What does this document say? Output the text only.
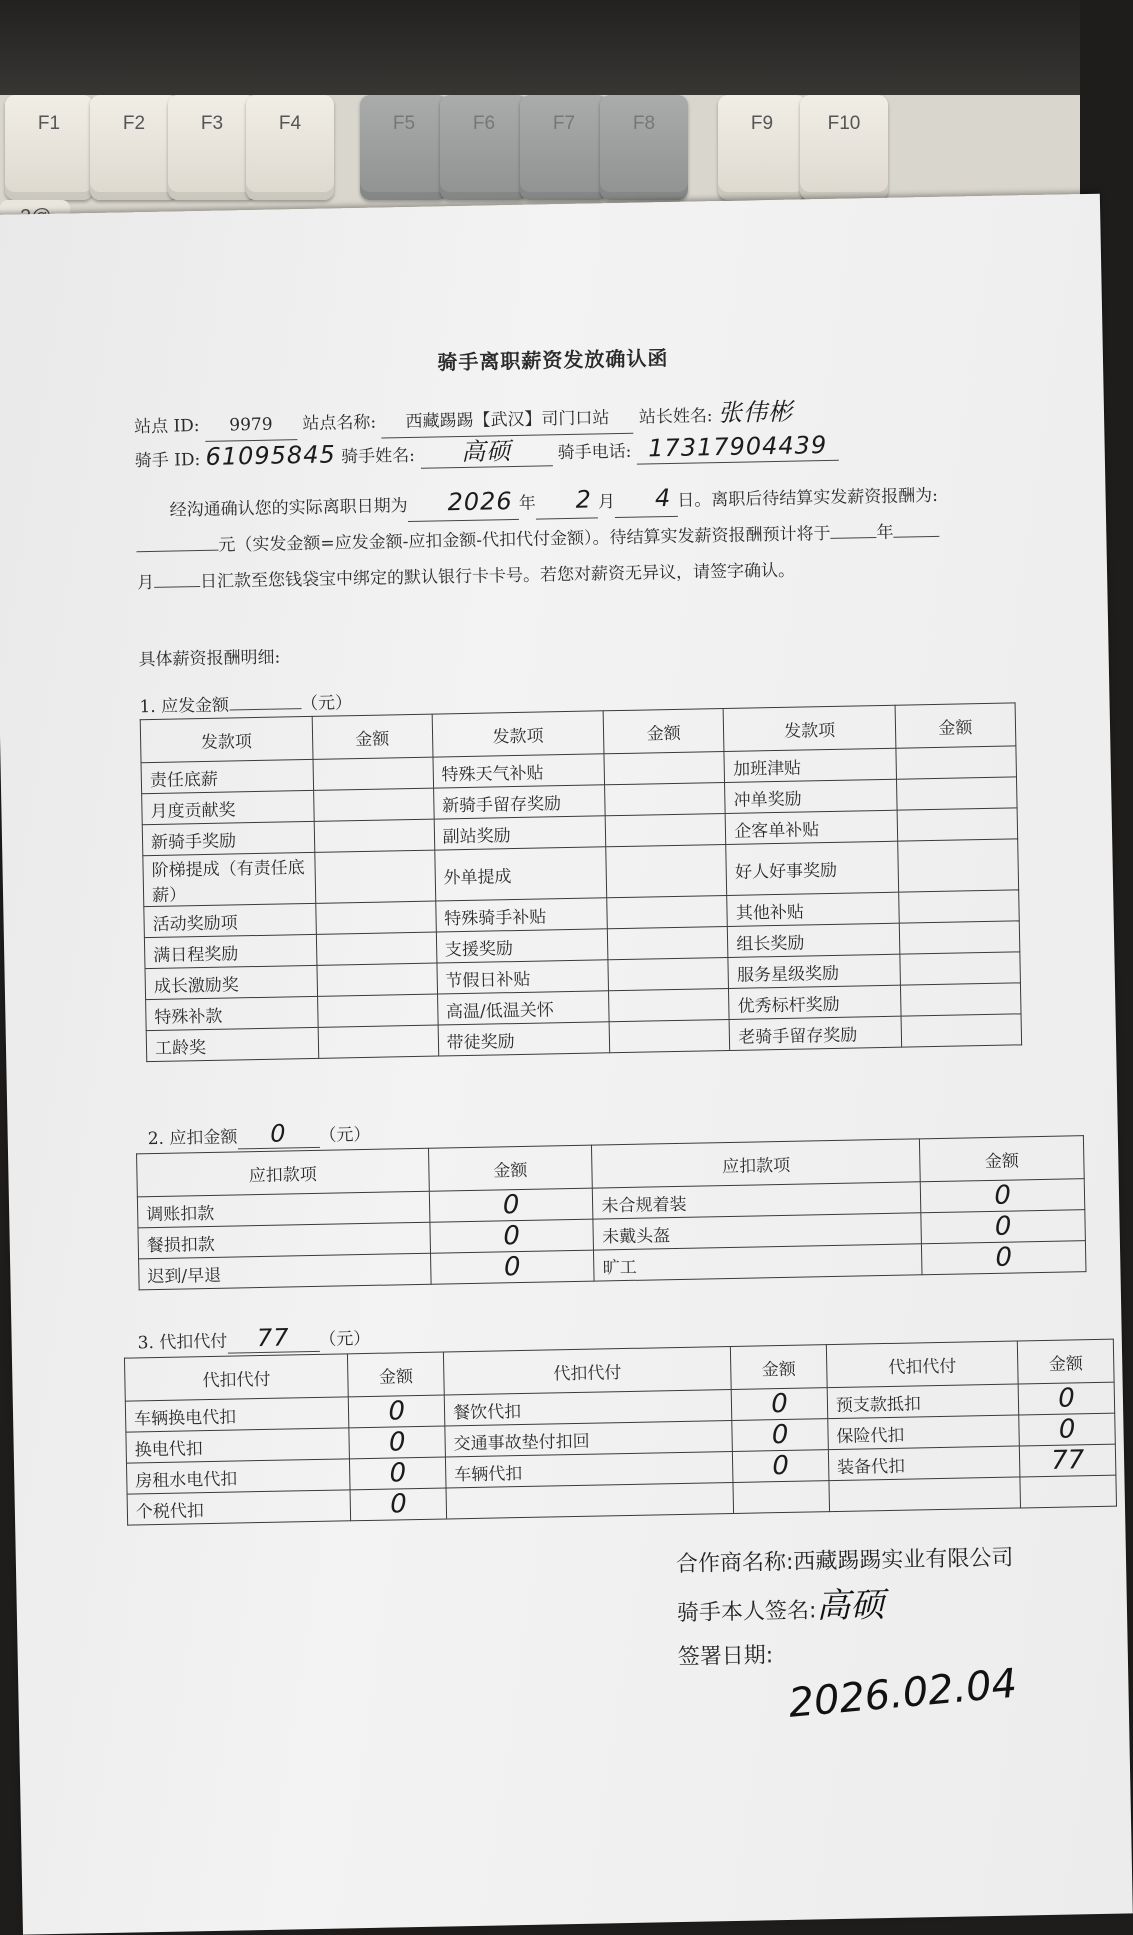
F1	F2	F3	F4	F5	F6	F7	F8	F9	F10
骑手离职薪资发放确认函
站点 ID: 9979 站点名称: 西藏踢踢【武汉】司门口站 站长姓名: 张伟彬
骑手 ID: 61095845 骑手姓名: 高硕	骑手电话: 17317904439
经沟通确认您的实际离职日期为 2026 年 2 月 4 日。离职后待结算实发薪资报酬为:元（实发金额=应发金额-应扣金额-代扣代付金额）。待结算实发薪资报酬预计将于	年月	日汇款至您钱袋宝中绑定的默认银行卡卡号。若您对薪资无异议，请签字确认。
具体薪资报酬明细:
1. 应发金额	（元）
发款项	金额	发款项	金额	发款项	金额
责任底薪		特殊天气补贴		加班津贴	
月度贡献奖		新骑手留存奖励		冲单奖励	
新骑手奖励		副站奖励		企客单补贴	
阶梯提成（有责任底薪）		外单提成		好人好事奖励	
活动奖励项		特殊骑手补贴		其他补贴	
满日程奖励		支援奖励		组长奖励	
成长激励奖		节假日补贴		服务星级奖励	
特殊补款		高温/低温关怀		优秀标杆奖励	
工龄奖		带徒奖励		老骑手留存奖励	
2. 应扣金额 0 （元）
应扣款项	金额	应扣款项	金额
调账扣款	0	未合规着装	0
餐损扣款	0	未戴头盔	0
迟到/早退	0	旷工	0
3. 代扣代付 77 （元）
代扣代付	金额	代扣代付	金额	代扣代付	金额
车辆换电代扣	0	餐饮代扣	0	预支款抵扣	0
换电代扣	0	交通事故垫付扣回	0	保险代扣	0
房租水电代扣	0	车辆代扣	0	装备代扣	77
个税代扣	0				
合作商名称:西藏踢踢实业有限公司
骑手本人签名:高硕
签署日期:
2026.02.04
